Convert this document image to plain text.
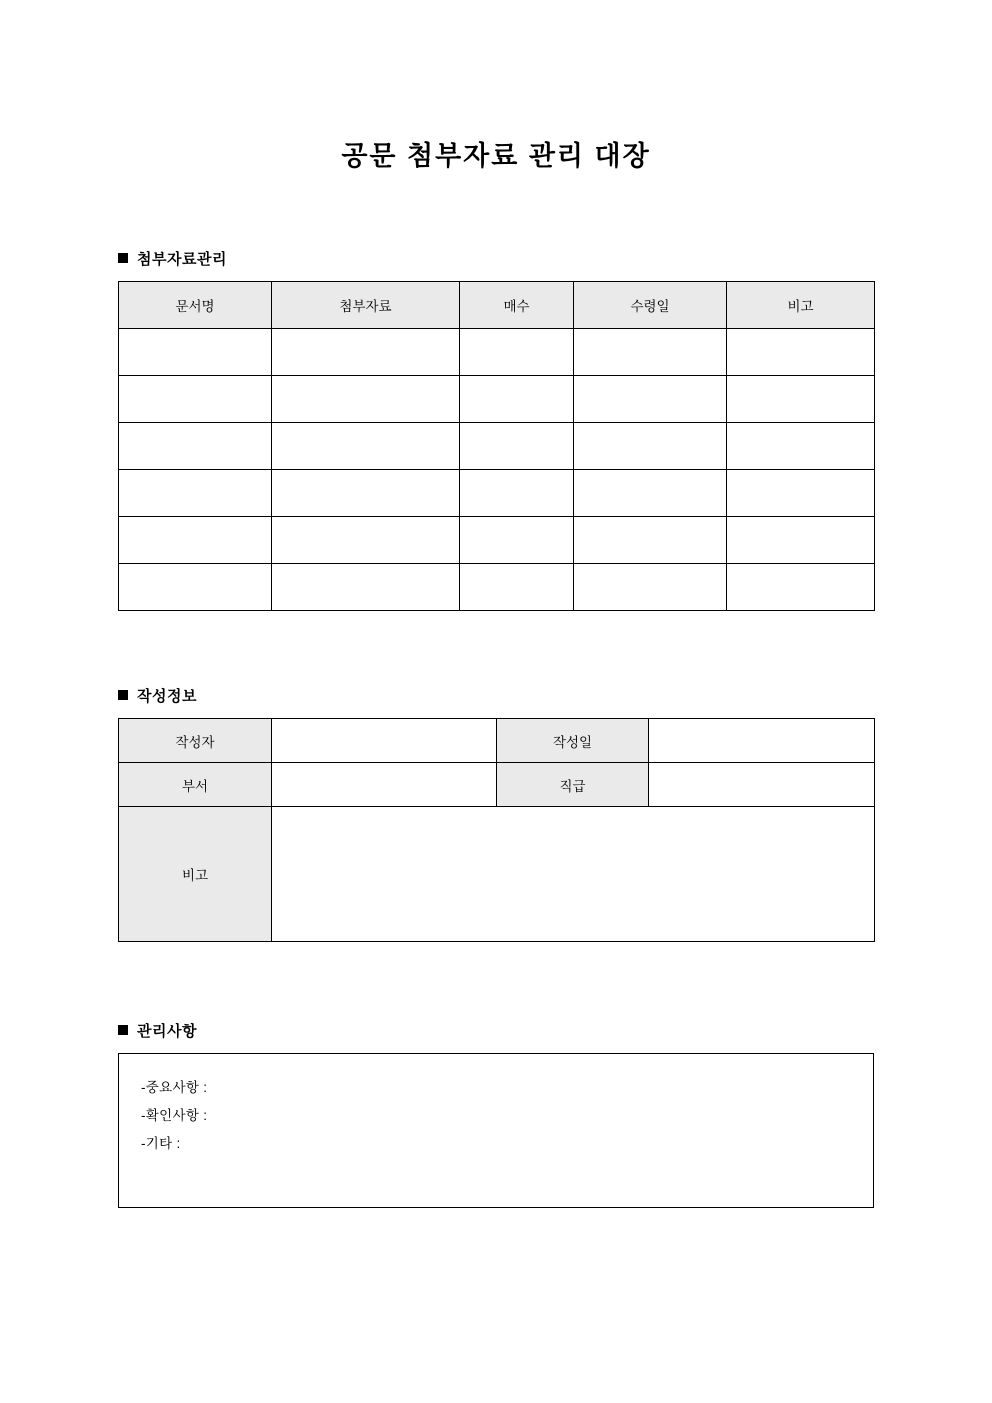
공문 첨부자료 관리 대장
첨부자료관리
문서명	첨부자료	매수	수령일	비고

작성정보
작성자		작성일	
부서		직급	
비고			
관리사항
-중요사항 :
-확인사항 :
-기타 :
